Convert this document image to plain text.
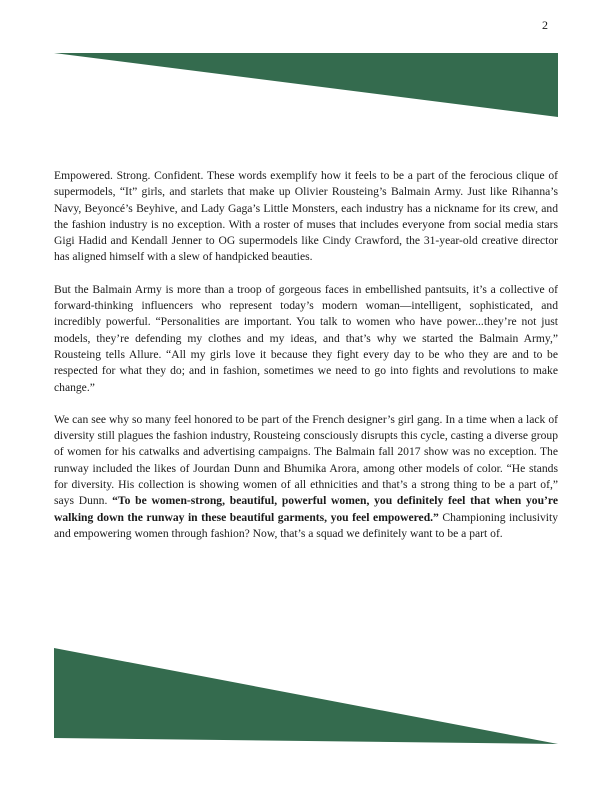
2

Empowered. Strong. Confident. These words exemplify how it feels to be a part of the ferocious clique of supermodels, “It” girls, and starlets that make up Olivier Rousteing’s Balmain Army. Just like Rihanna’s Navy, Beyoncé’s Beyhive, and Lady Gaga’s Little Monsters, each industry has a nickname for its crew, and the fashion industry is no exception. With a roster of muses that includes everyone from social media stars Gigi Hadid and Kendall Jenner to OG supermodels like Cindy Crawford, the 31-year-old creative director has aligned himself with a slew of handpicked beauties.

But the Balmain Army is more than a troop of gorgeous faces in embellished pantsuits, it’s a collective of forward-thinking influencers who represent today’s modern woman—intelligent, sophisticated, and incredibly powerful. “Personalities are important. You talk to women who have power...they’re not just models, they’re defending my clothes and my ideas, and that’s why we started the Balmain Army,” Rousteing tells Allure. “All my girls love it because they fight every day to be who they are and to be respected for what they do; and in fashion, sometimes we need to go into fights and revolutions to make change.”

We can see why so many feel honored to be part of the French designer’s girl gang. In a time when a lack of diversity still plagues the fashion industry, Rousteing consciously disrupts this cycle, casting a diverse group of women for his catwalks and advertising campaigns. The Balmain fall 2017 show was no exception. The runway included the likes of Jourdan Dunn and Bhumika Arora, among other models of color. “He stands for diversity. His collection is showing women of all ethnicities and that’s a strong thing to be a part of,” says Dunn. “To be women-strong, beautiful, powerful women, you definitely feel that when you’re walking down the runway in these beautiful garments, you feel empowered.” Championing inclusivity and empowering women through fashion? Now, that’s a squad we definitely want to be a part of.
